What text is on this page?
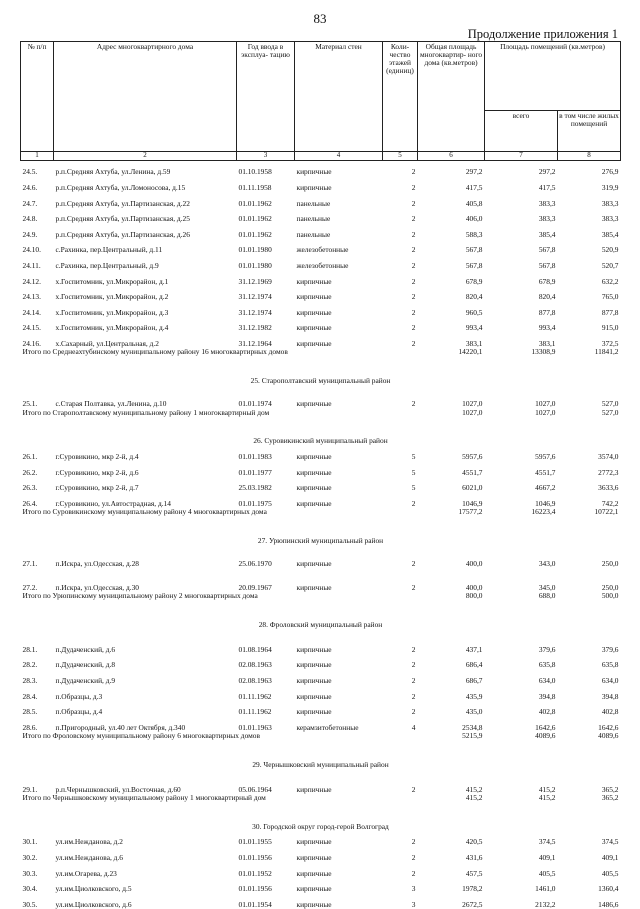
83
Продолжение приложения 1
№ п/п	Адрес многоквартирного дома	Год ввода в эксплуа- тацию	Материал стен	Коли- чество этажей (единиц)	Общая площадь многоквартир- ного дома (кв.метров)	Площадь помещений (кв.метров)	
						всего	в том числе жилых помещений
1	2	3	4	5	6	7	8
24.5.	р.п.Средняя Ахтуба, ул.Ленина, д.59	01.10.1958	кирпичные	2	297,2	297,2	276,9
24.6.	р.п.Средняя Ахтуба, ул.Ломоносова, д.15	01.11.1958	кирпичные	2	417,5	417,5	319,9
24.7.	р.п.Средняя Ахтуба, ул.Партизанская, д.22	01.01.1962	панельные	2	405,8	383,3	383,3
24.8.	р.п.Средняя Ахтуба, ул.Партизанская, д.25	01.01.1962	панельные	2	406,0	383,3	383,3
24.9.	р.п.Средняя Ахтуба, ул.Партизанская, д.26	01.01.1962	панельные	2	588,3	385,4	385,4
24.10.	с.Рахинка, пер.Центральный, д.11	01.01.1980	железобетонные	2	567,8	567,8	520,9
24.11.	с.Рахинка, пер.Центральный, д.9	01.01.1980	железобетонные	2	567,8	567,8	520,7
24.12.	х.Госпитомник, ул.Микрорайон, д.1	31.12.1969	кирпичные	2	678,9	678,9	632,2
24.13.	х.Госпитомник, ул.Микрорайон, д.2	31.12.1974	кирпичные	2	820,4	820,4	765,0
24.14.	х.Госпитомник, ул.Микрорайон, д.3	31.12.1974	кирпичные	2	960,5	877,8	877,8
24.15.	х.Госпитомник, ул.Микрорайон, д.4	31.12.1982	кирпичные	2	993,4	993,4	915,0
24.16.	х.Сахарный, ул.Центральная, д.2	31.12.1964	кирпичные	2	383,1	383,1	372,5
Итого по Среднеахтубинскому муниципальному району 16 многоквартирных домов					14220,1	13308,9	11841,2
25. Старополтавский муниципальный район							
25.1.	с.Старая Полтавка, ул.Ленина, д.10	01.01.1974	кирпичные	2	1027,0	1027,0	527,0
Итого по Старополтавскому муниципальному району 1 многоквартирный дом					1027,0	1027,0	527,0
26. Суровикинский муниципальный район							
26.1.	г.Суровикино, мкр 2-й, д.4	01.01.1983	кирпичные	5	5957,6	5957,6	3574,0
26.2.	г.Суровикино, мкр 2-й, д.6	01.01.1977	кирпичные	5	4551,7	4551,7	2772,3
26.3.	г.Суровикино, мкр 2-й, д.7	25.03.1982	кирпичные	5	6021,0	4667,2	3633,6
26.4.	г.Суровикино, ул.Автострадная, д.14	01.01.1975	кирпичные	2	1046,9	1046,9	742,2
Итого по Суровикинскому муниципальному району 4 многоквартирных дома					17577,2	16223,4	10722,1
27. Урюпинский муниципальный район							
27.1.	п.Искра, ул.Одесская, д.28	25.06.1970	кирпичные	2	400,0	343,0	250,0
27.2.	п.Искра, ул.Одесская, д.30	20.09.1967	кирпичные	2	400,0	345,0	250,0
Итого по Урюпинскому муниципальному району 2 многоквартирных дома					800,0	688,0	500,0
28. Фроловский муниципальный район							
28.1.	п.Дудаченский, д.6	01.08.1964	кирпичные	2	437,1	379,6	379,6
28.2.	п.Дудаченский, д.8	02.08.1963	кирпичные	2	686,4	635,8	635,8
28.3.	п.Дудаченский, д.9	02.08.1963	кирпичные	2	686,7	634,0	634,0
28.4.	п.Образцы, д.3	01.11.1962	кирпичные	2	435,9	394,8	394,8
28.5.	п.Образцы, д.4	01.11.1962	кирпичные	2	435,0	402,8	402,8
28.6.	п.Пригородный, ул.40 лет Октября, д.340	01.01.1963	керамзитобетонные	4	2534,8	1642,6	1642,6
Итого по Фроловскому муниципальному району 6 многоквартирных домов					5215,9	4089,6	4089,6
29. Чернышковский муниципальный район							
29.1.	р.п.Чернышковский, ул.Восточная, д.60	05.06.1964	кирпичные	2	415,2	415,2	365,2
Итого по Чернышковскому муниципальному району 1 многоквартирный дом					415,2	415,2	365,2
30. Городской округ город-герой Волгоград							
30.1.	ул.им.Нежданова, д.2	01.01.1955	кирпичные	2	420,5	374,5	374,5
30.2.	ул.им.Нежданова, д.6	01.01.1956	кирпичные	2	431,6	409,1	409,1
30.3.	ул.им.Огарева, д.23	01.01.1952	кирпичные	2	457,5	405,5	405,5
30.4.	ул.им.Циолковского, д.5	01.01.1956	кирпичные	3	1978,2	1461,0	1360,4
30.5.	ул.им.Циолковского, д.6	01.01.1954	кирпичные	3	2672,5	2132,2	1486,6
